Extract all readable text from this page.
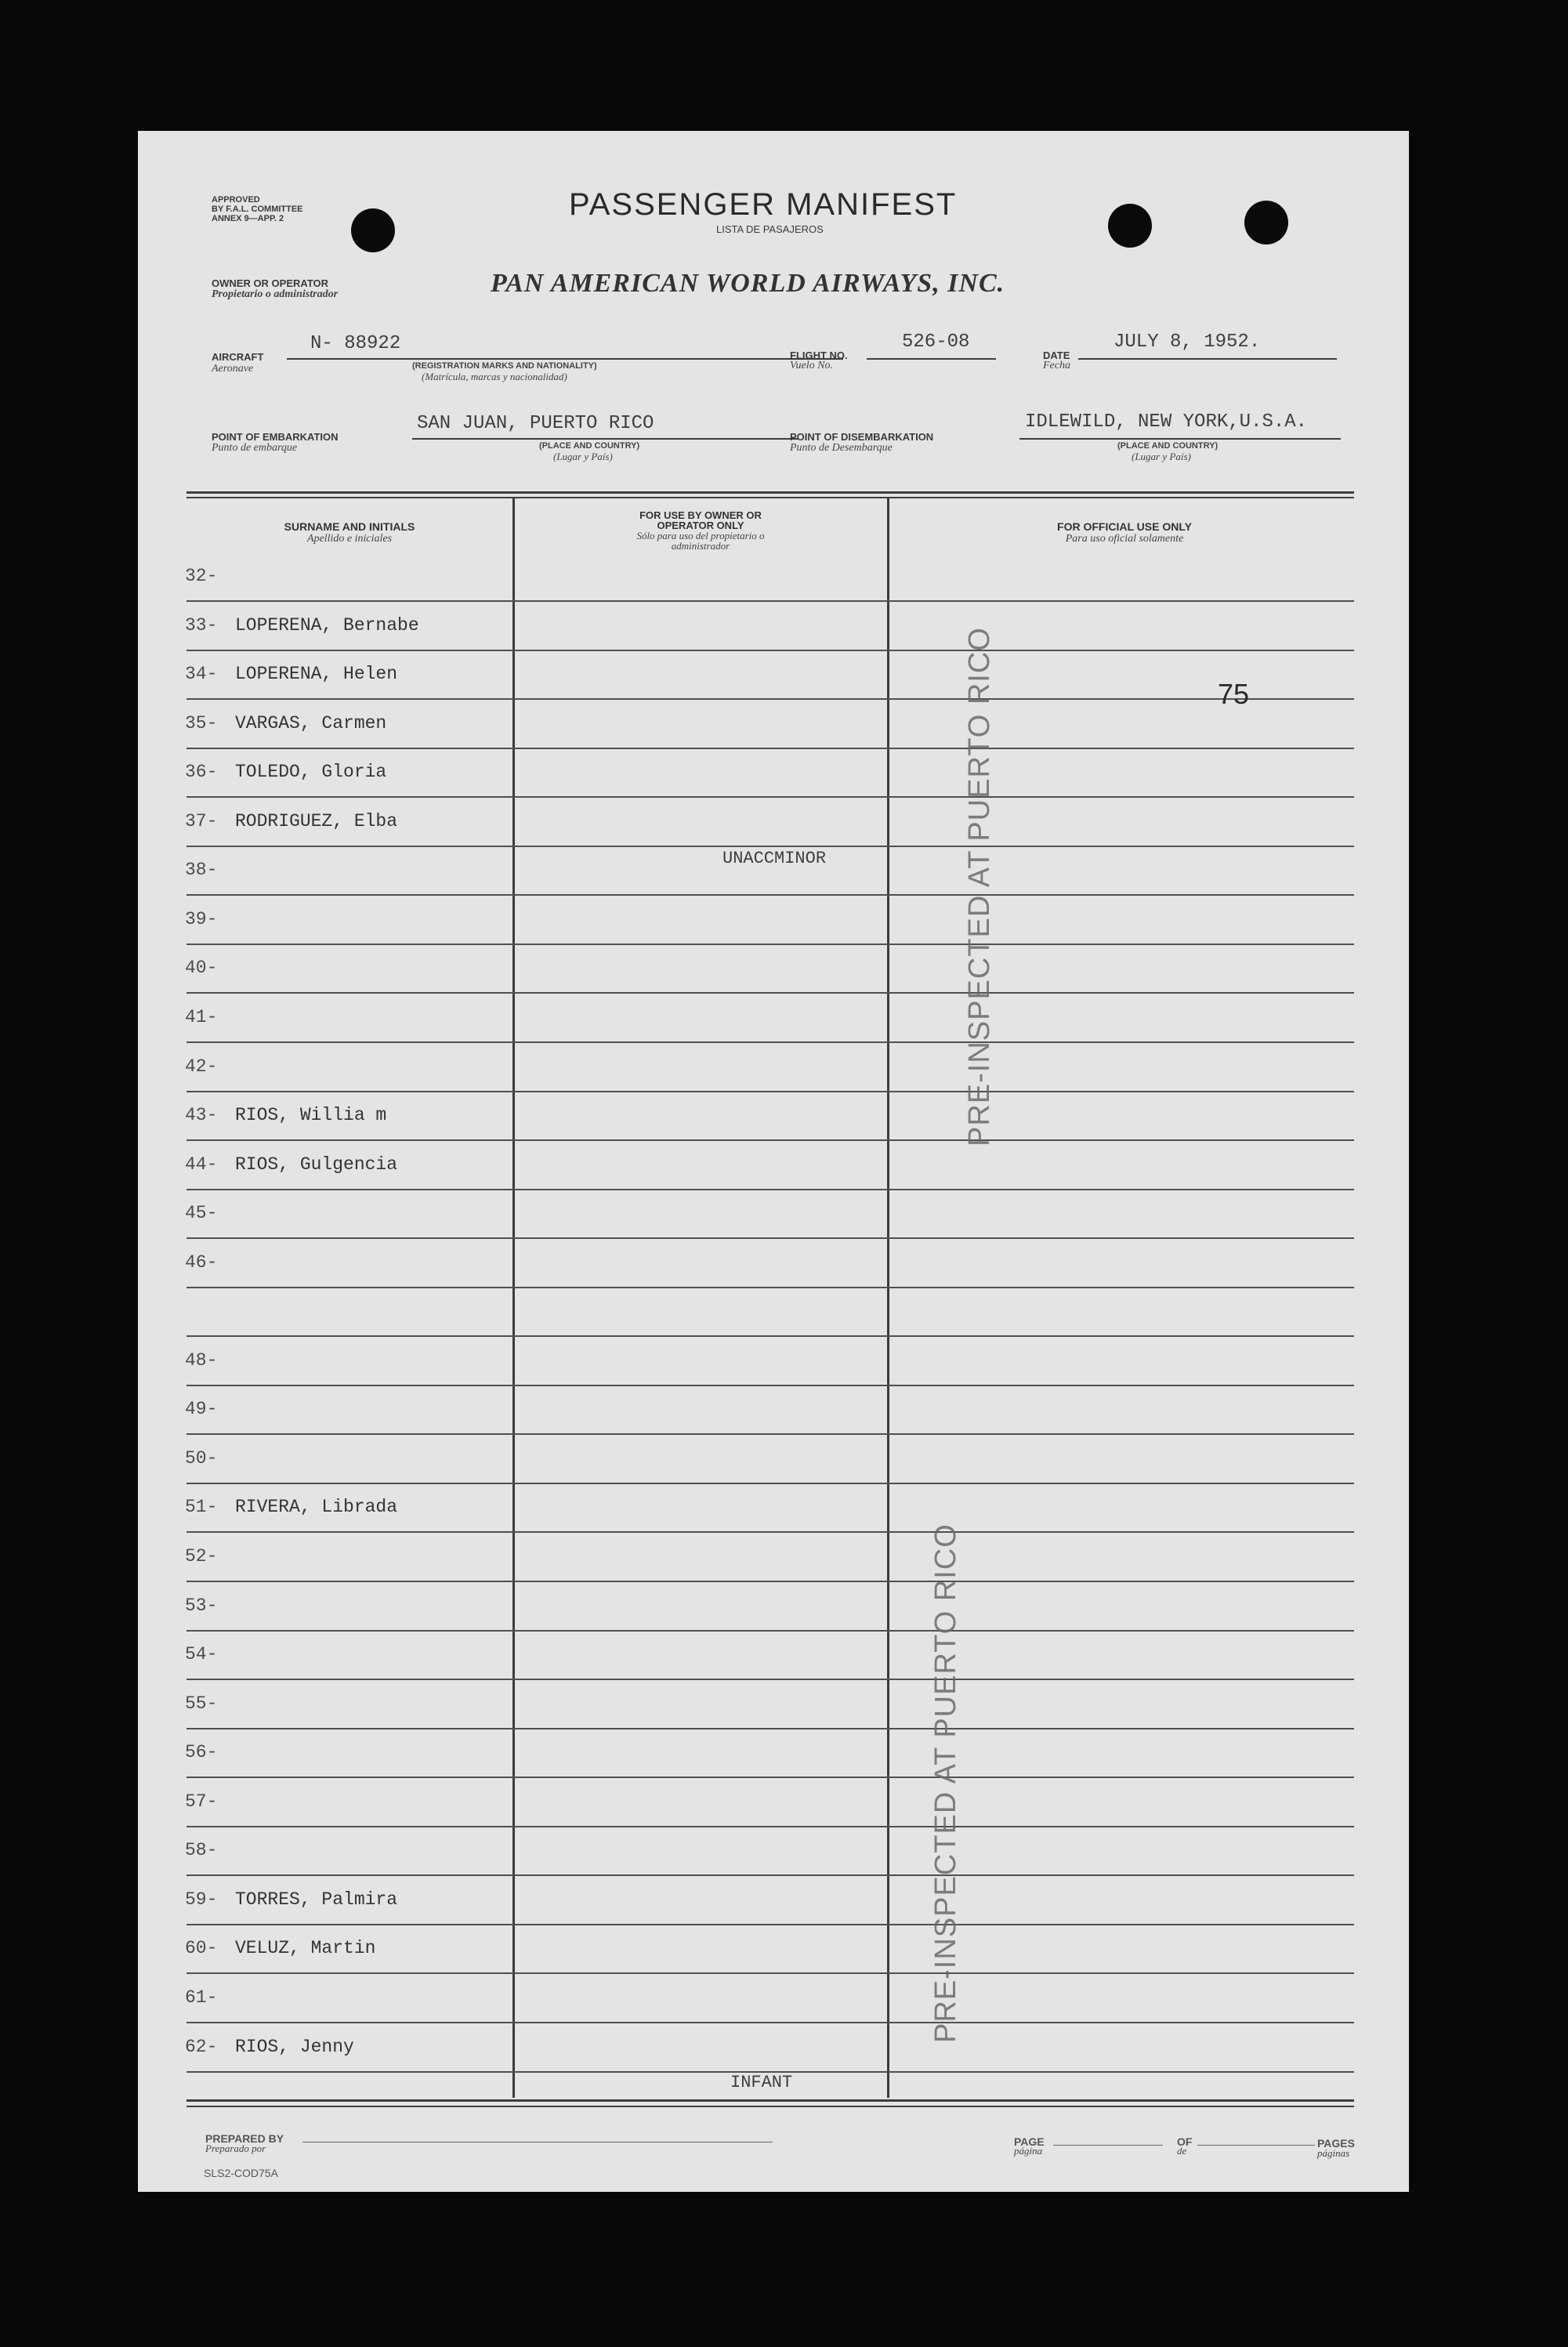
APPROVED
BY F.A.L. COMMITTEE
ANNEX 9—APP. 2	PASSENGER MANIFEST
LISTA DE PASAJEROS
OWNER OR OPERATOR
Propietario o administrador	PAN AMERICAN WORLD AIRWAYS, INC.
AIRCRAFT
Aeronave
N- 88922
(REGISTRATION MARKS AND NATIONALITY)
(Matrícula, marcas y nacionalidad)
FLIGHT NO.
Vuelo No.
526-08
DATE
Fecha
JULY 8, 1952.
POINT OF EMBARKATION
Punto de embarque
SAN JUAN, PUERTO RICO
(PLACE AND COUNTRY)
(Lugar y País)
POINT OF DISEMBARKATION
Punto de Desembarque
IDLEWILD, NEW YORK,U.S.A.
(PLACE AND COUNTRY)
(Lugar y País)
SURNAME AND INITIALS
Apellido e iniciales
FOR USE BY OWNER OR OPERATOR ONLY
Sólo para uso del propietario o administrador
FOR OFFICIAL USE ONLY
Para uso oficial solamente
32-
33- LOPERENA, Bernabe
34- LOPERENA, Helen
35- VARGAS, Carmen
36- TOLEDO, Gloria
37- RODRIGUEZ, Elba
38-
39-
40-
41-
42-
43- RIOS, Willia m
44- RIOS, Gulgencia
45-
46-
48-
49-
50-
51- RIVERA, Librada
52-
53-
54-
55-
56-
57-
58-
59- TORRES, Palmira
60- VELUZ, Martin
61-
62- RIOS, Jenny
UNACCMINOR
INFANT
75
PRE-INSPECTED AT PUERTO RICO
PRE-INSPECTED AT PUERTO RICO
PREPARED BY
Preparado por
PAGE
página
OF
de
PAGES
páginas
SLS2-COD75A
